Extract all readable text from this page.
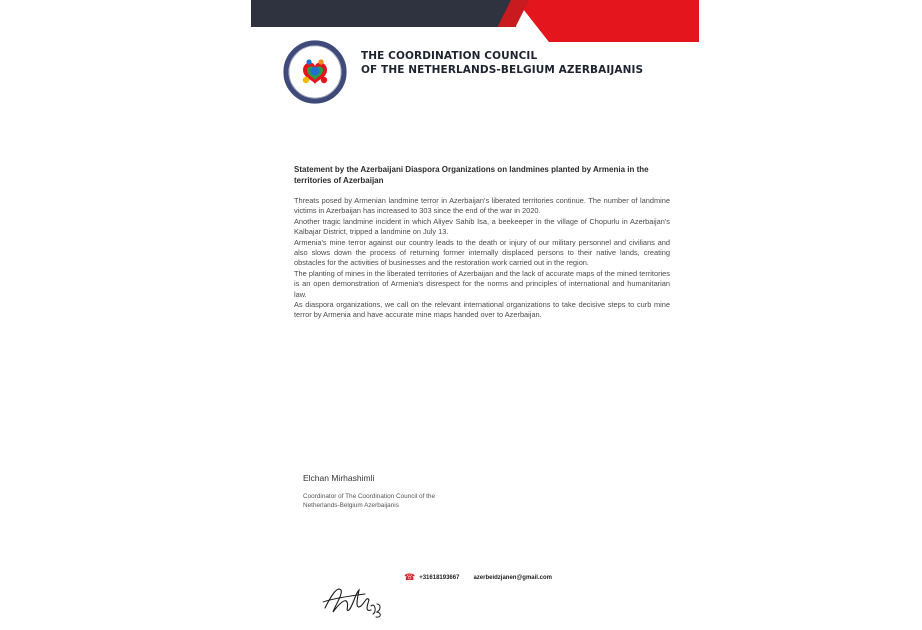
THE COORDINATION COUNCIL
OF THE NETHERLANDS-BELGIUM AZERBAIJANIS
Statement by the Azerbaijani Diaspora Organizations on landmines planted by Armenia in the territories of Azerbaijan

Threats posed by Armenian landmine terror in Azerbaijan's liberated territories continue. The number of landmine victims in Azerbaijan has increased to 303 since the end of the war in 2020.

Another tragic landmine incident in which Aliyev Sahib Isa, a beekeeper in the village of Chopurlu in Azerbaijan's Kalbajar District, tripped a landmine on July 13.

Armenia's mine terror against our country leads to the death or injury of our military personnel and civilians and also slows down the process of returning former internally displaced persons to their native lands, creating obstacles for the activities of businesses and the restoration work carried out in the region.

The planting of mines in the liberated territories of Azerbaijan and the lack of accurate maps of the mined territories is an open demonstration of Armenia's disrespect for the norms and principles of international and humanitarian law.

As diaspora organizations, we call on the relevant international organizations to take decisive steps to curb mine terror by Armenia and have accurate mine maps handed over to Azerbaijan.

Elchan Mirhashimli
Coordinator of The Coordination Council of the Netherlands-Belgium Azerbaijanis
☎ +31618193667 azerbeidzjanen@gmail.com
